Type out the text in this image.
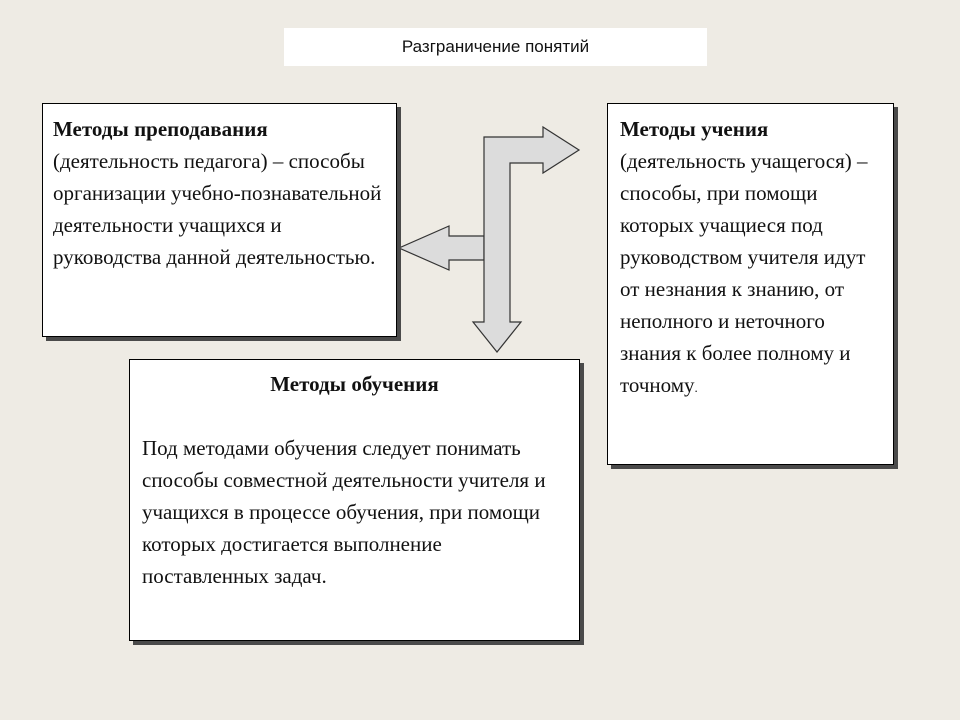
Разграничение понятий
Методы преподавания
(деятельность педагога) – способы организации учебно-познавательной деятельности учащихся и руководства данной деятельностью.
Методы учения
(деятельность учащегося) – способы, при помощи которых учащиеся под руководством учителя идут от незнания к знанию, от неполного и неточного знания к более полному и точному.
Методы обучения
Под методами обучения следует понимать способы совместной деятельности учителя и учащихся в процессе обучения, при помощи которых достигается выполнение поставленных задач.
